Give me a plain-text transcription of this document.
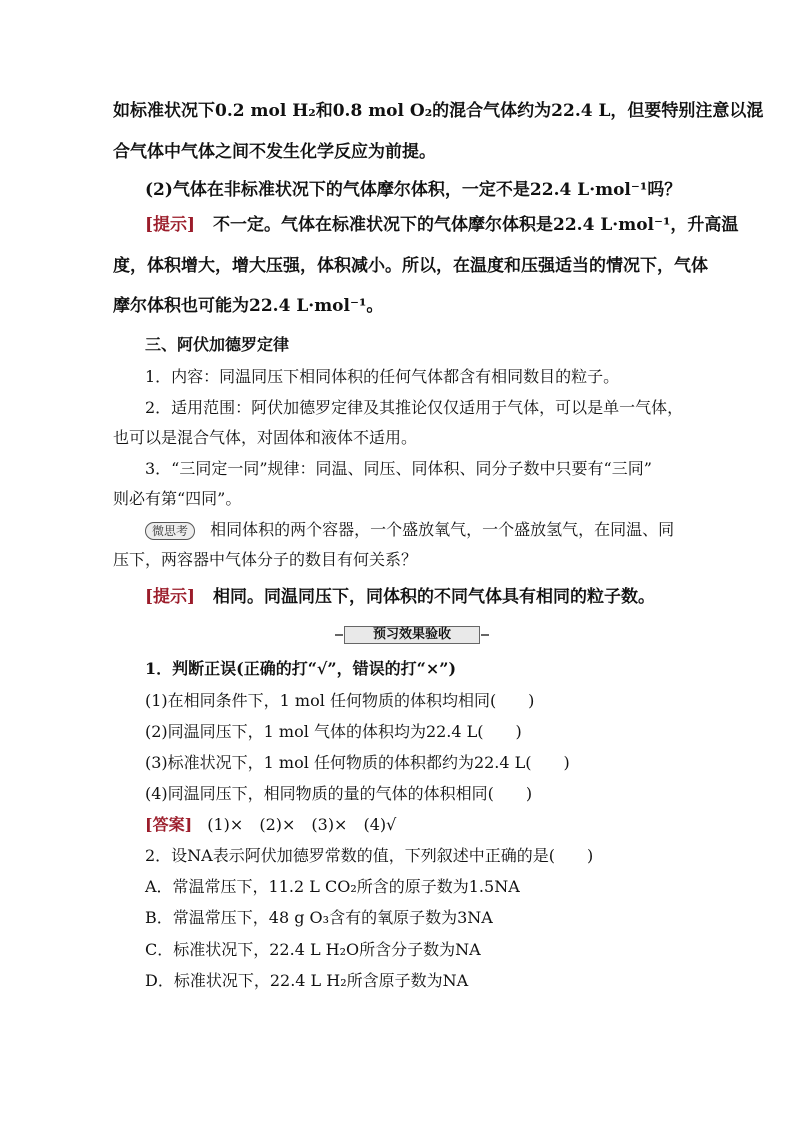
如标准状况下0.2 mol H₂和0.8 mol O₂的混合气体约为22.4 L，但要特别注意以混
合气体中气体之间不发生化学反应为前提。
(2)气体在非标准状况下的气体摩尔体积，一定不是22.4 L·mol⁻¹吗？
[提示] 不一定。气体在标准状况下的气体摩尔体积是22.4 L·mol⁻¹，升高温
度，体积增大，增大压强，体积减小。所以，在温度和压强适当的情况下，气体
摩尔体积也可能为22.4 L·mol⁻¹。
三、阿伏加德罗定律
1．内容：同温同压下相同体积的任何气体都含有相同数目的粒子。
2．适用范围：阿伏加德罗定律及其推论仅仅适用于气体，可以是单一气体，
也可以是混合气体，对固体和液体不适用。
3．“三同定一同”规律：同温、同压、同体积、同分子数中只要有“三同”
则必有第“四同”。
微思考 相同体积的两个容器，一个盛放氧气，一个盛放氢气，在同温、同
压下，两容器中气体分子的数目有何关系？
[提示] 相同。同温同压下，同体积的不同气体具有相同的粒子数。
预习效果验收
1．判断正误(正确的打“√”，错误的打“×”)
(1)在相同条件下，1 mol 任何物质的体积均相同(　　)
(2)同温同压下，1 mol 气体的体积均为22.4 L(　　)
(3)标准状况下，1 mol 任何物质的体积都约为22.4 L(　　)
(4)同温同压下，相同物质的量的气体的体积相同(　　)
[答案] (1)×　(2)×　(3)×　(4)√
2．设NA表示阿伏加德罗常数的值，下列叙述中正确的是(　　)
A．常温常压下，11.2 L CO₂所含的原子数为1.5NA
B．常温常压下，48 g O₃含有的氧原子数为3NA
C．标准状况下，22.4 L H₂O所含分子数为NA
D．标准状况下，22.4 L H₂所含原子数为NA
